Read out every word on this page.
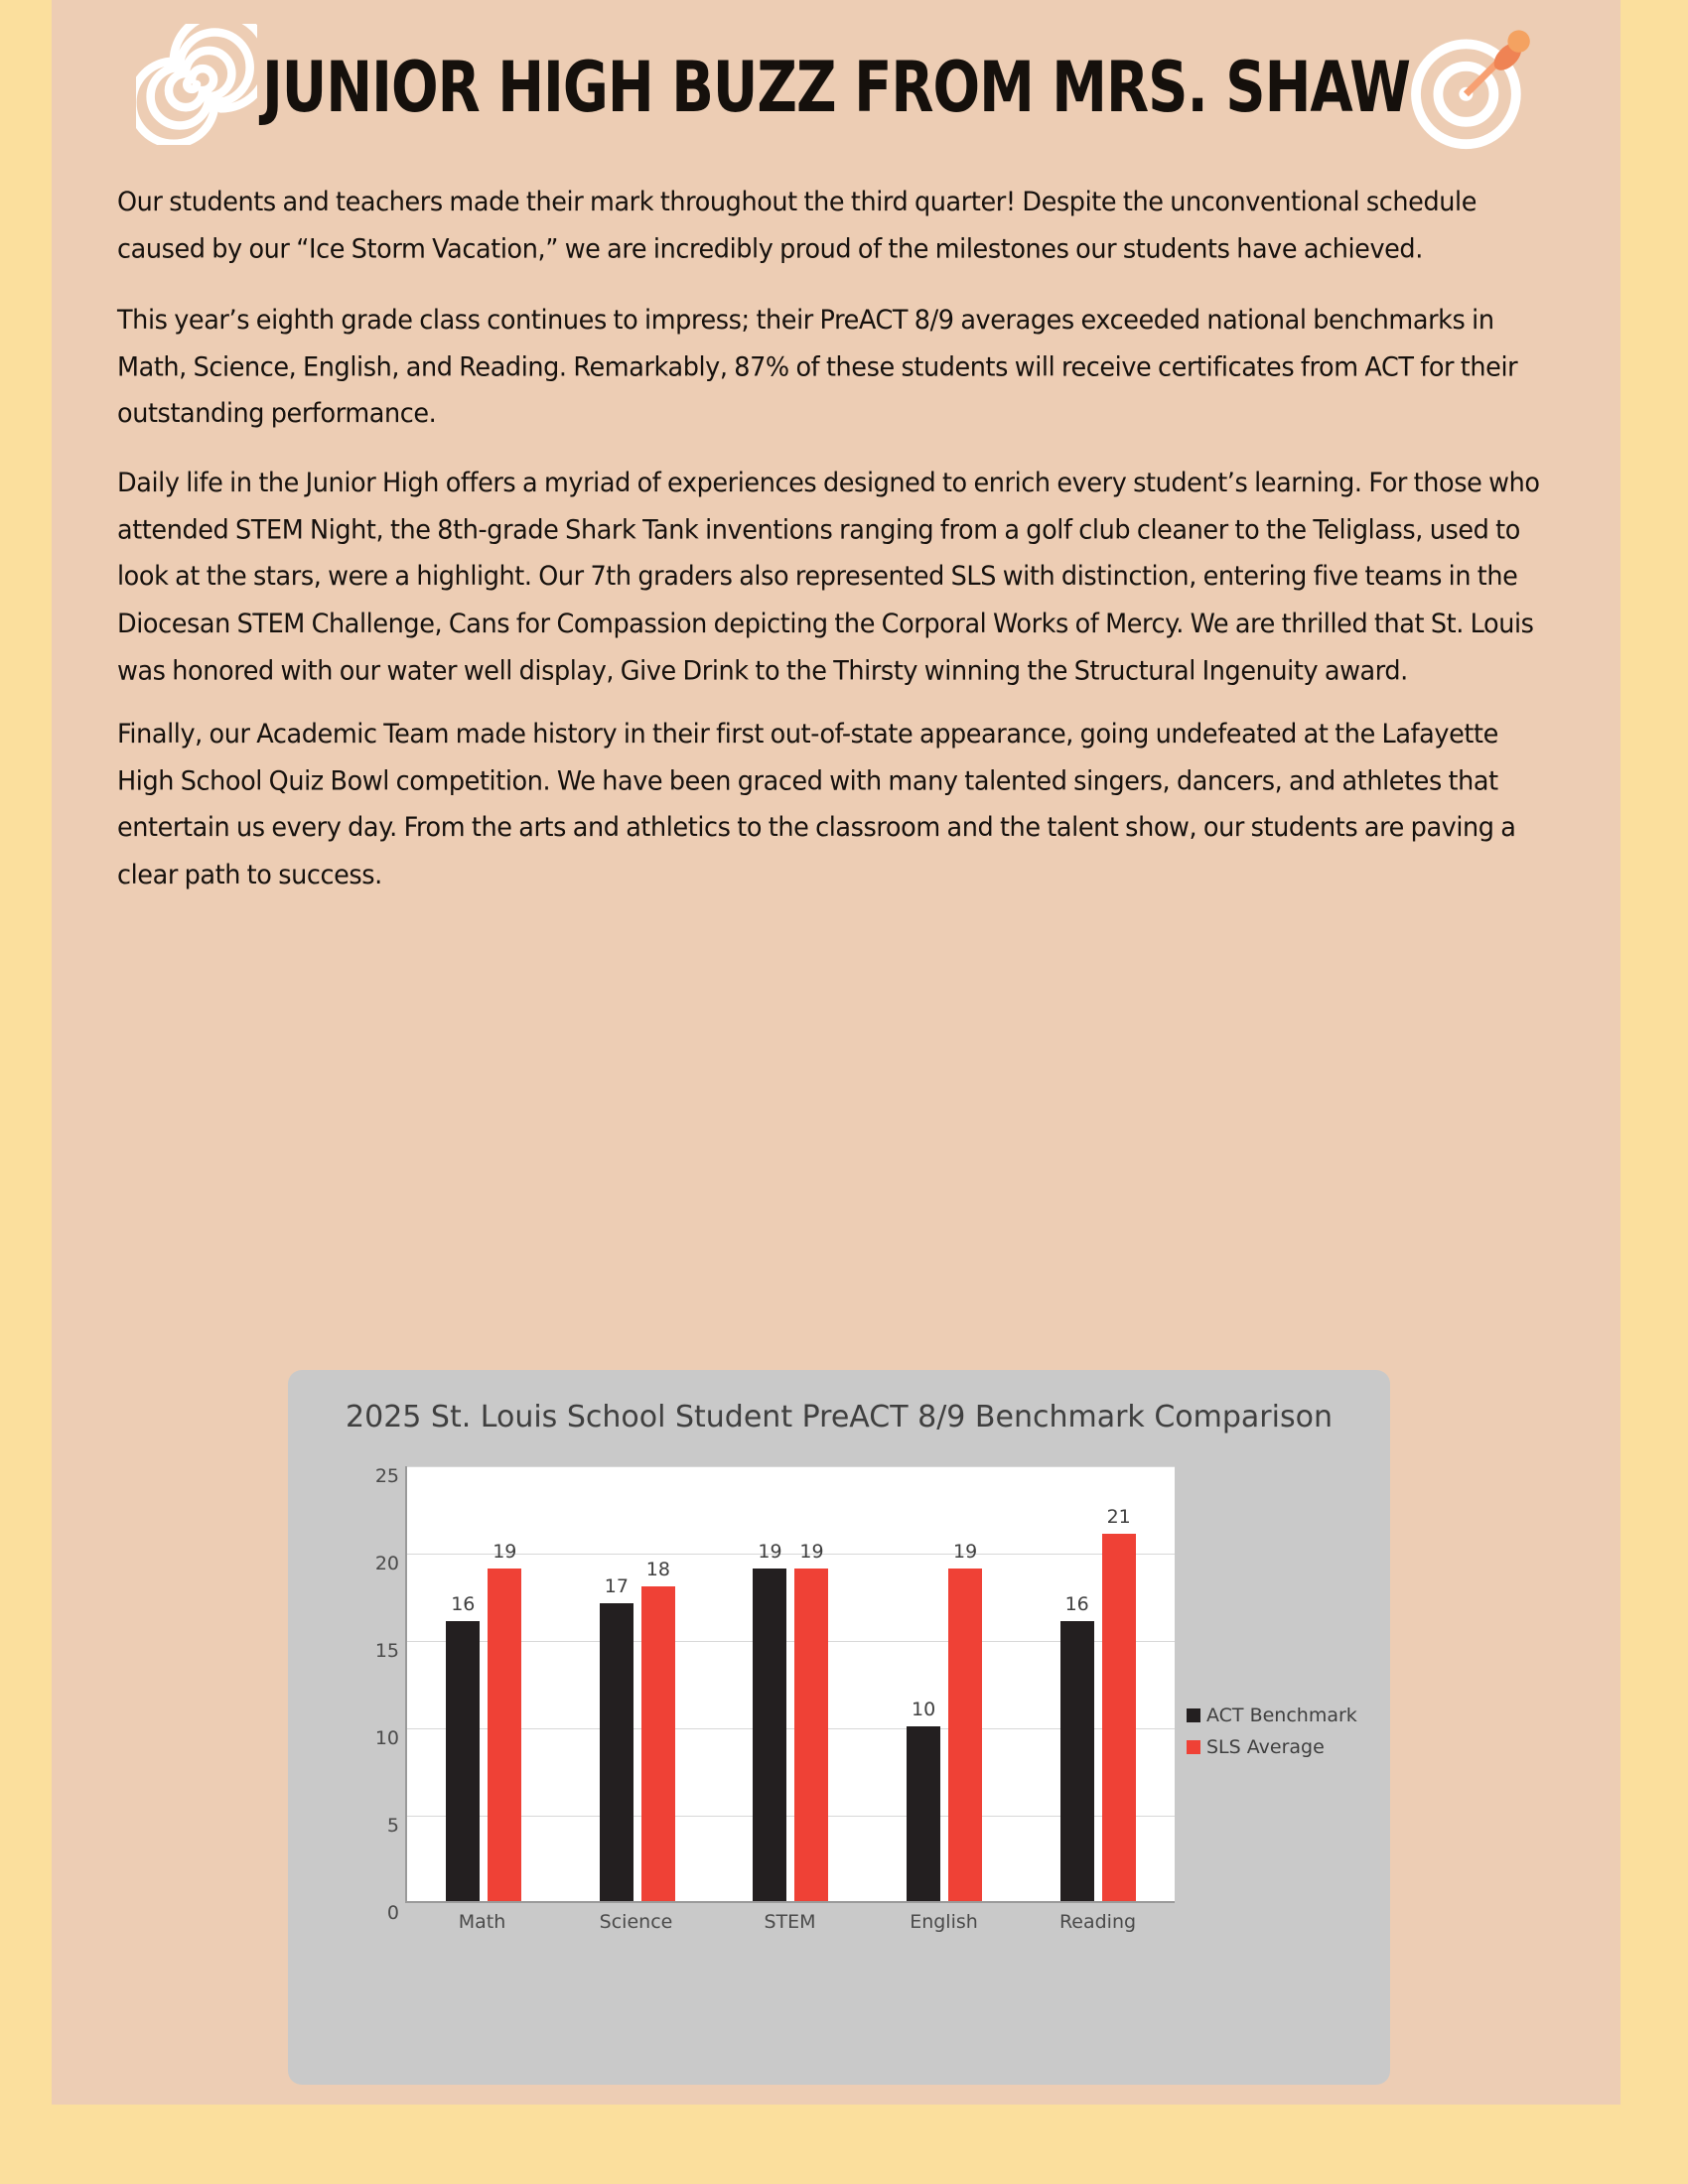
JUNIOR HIGH BUZZ FROM MRS. SHAW

Our students and teachers made their mark throughout the third quarter! Despite the unconventional schedule caused by our “Ice Storm Vacation,” we are incredibly proud of the milestones our students have achieved.

This year’s eighth grade class continues to impress; their PreACT 8/9 averages exceeded national benchmarks in Math, Science, English, and Reading. Remarkably, 87% of these students will receive certificates from ACT for their outstanding performance.

Daily life in the Junior High offers a myriad of experiences designed to enrich every student’s learning. For those who attended STEM Night, the 8th-grade Shark Tank inventions ranging from a golf club cleaner to the Teliglass, used to look at the stars, were a highlight. Our 7th graders also represented SLS with distinction, entering five teams in the Diocesan STEM Challenge, Cans for Compassion depicting the Corporal Works of Mercy. We are thrilled that St. Louis was honored with our water well display, Give Drink to the Thirsty winning the Structural Ingenuity award.

Finally, our Academic Team made history in their first out-of-state appearance, going undefeated at the Lafayette High School Quiz Bowl competition. We have been graced with many talented singers, dancers, and athletes that entertain us every day. From the arts and athletics to the classroom and the talent show, our students are paving a clear path to success.

2025 St. Louis School Student PreACT 8/9 Benchmark Comparison
0
5
10
15
20
25
16
19
17
18
19 19
10
19
16
21
Math	Science	STEM	English	Reading
ACT Benchmark
SLS Average
